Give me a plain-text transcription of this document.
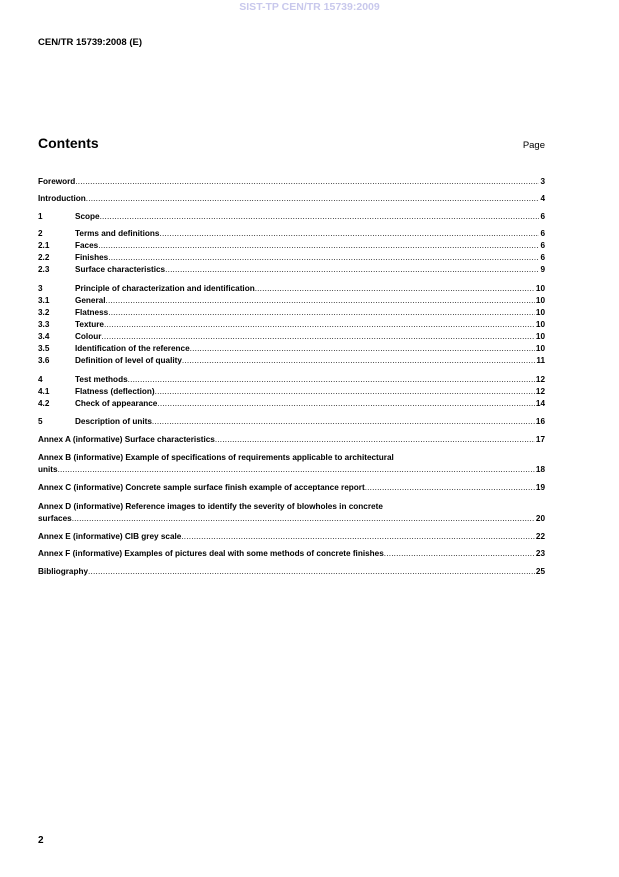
SIST-TP CEN/TR 15739:2009
CEN/TR 15739:2008 (E)
Contents	Page
Foreword .....	3
Introduction .....	4
1	Scope .....	6
2	Terms and definitions .....	6
2.1	Faces .....	6
2.2	Finishes .....	6
2.3	Surface characteristics .....	9
3	Principle of characterization and identification .....	10
3.1	General .....	10
3.2	Flatness .....	10
3.3	Texture .....	10
3.4	Colour .....	10
3.5	Identification of the reference .....	10
3.6	Definition of level of quality .....	11
4	Test methods .....	12
4.1	Flatness (deflection) .....	12
4.2	Check of appearance .....	14
5	Description of units .....	16
Annex A (informative) Surface characteristics .....	17
Annex B (informative) Example of specifications of requirements applicable to architectural
units .....	18
Annex C (informative) Concrete sample surface finish example of acceptance report .....	19
Annex D (informative) Reference images to identify the severity of blowholes in concrete
surfaces .....	20
Annex E (informative) CIB grey scale .....	22
Annex F (informative) Examples of pictures deal with some methods of concrete finishes .....	23
Bibliography .....	25
2
